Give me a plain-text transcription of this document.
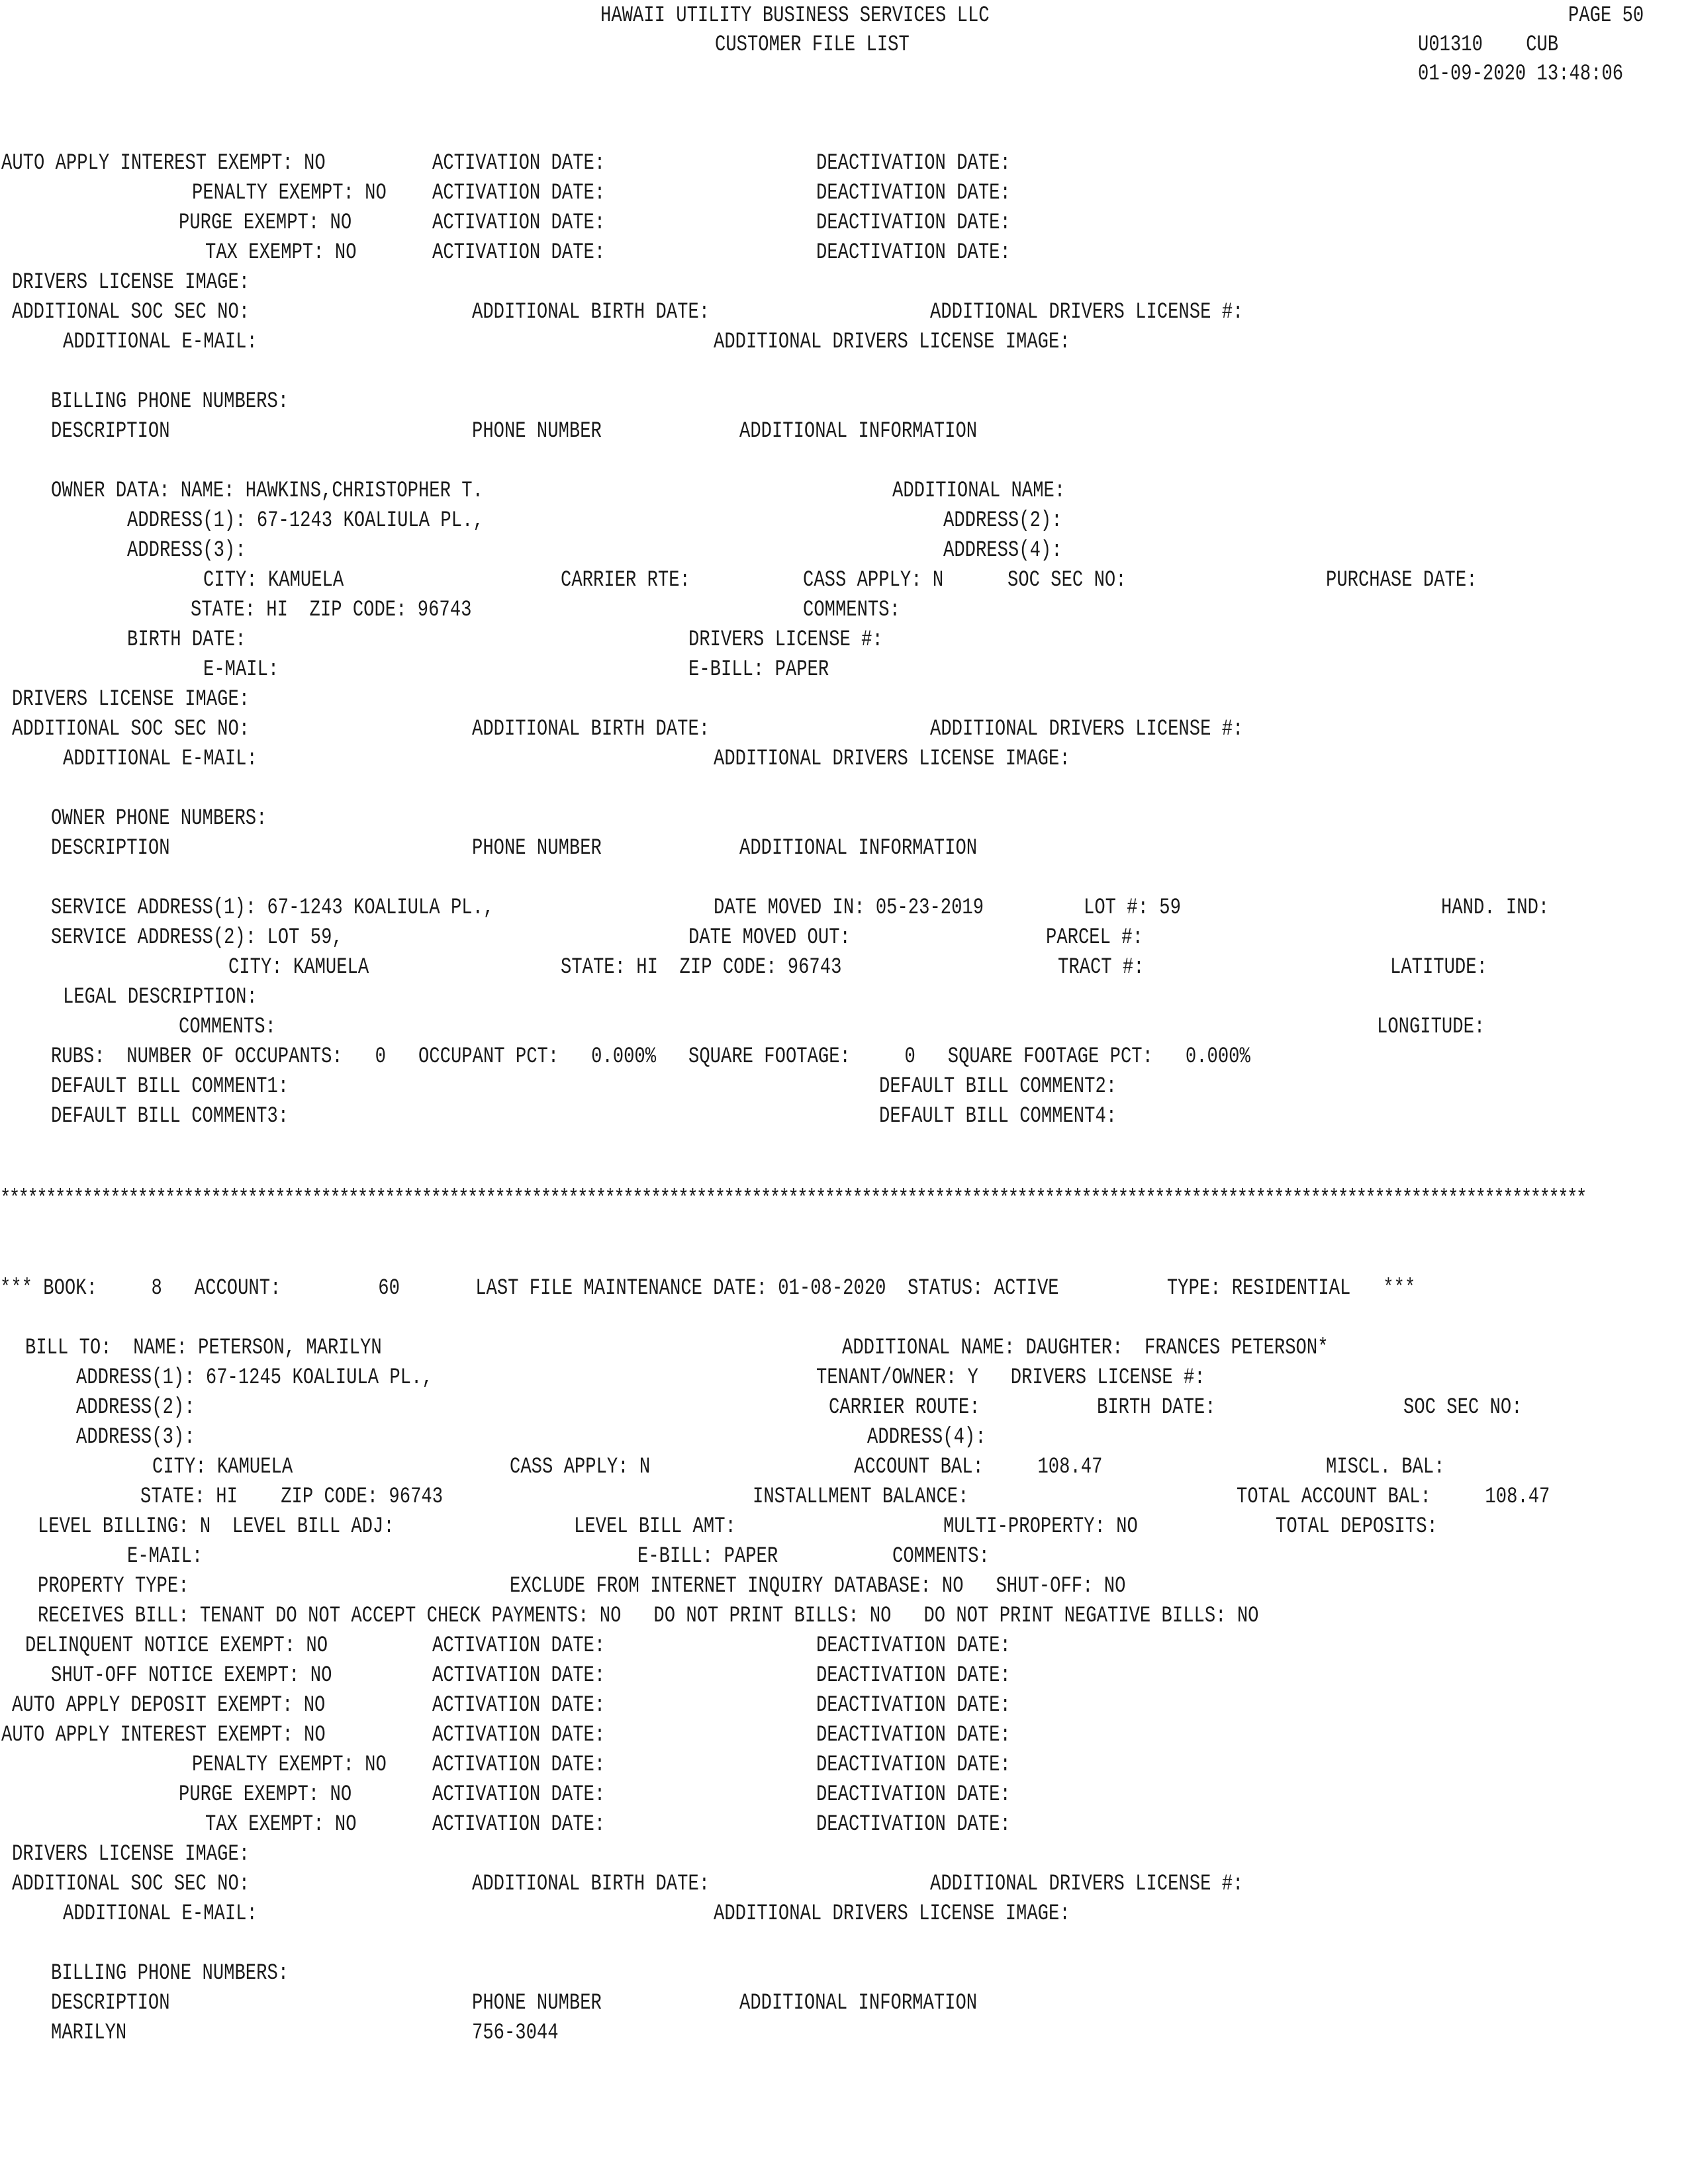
HAWAII UTILITY BUSINESS SERVICES LLC	PAGE 50
CUSTOMER FILE LIST	U01310    CUB
01-09-2020 13:48:06
AUTO APPLY INTEREST EXEMPT: NO	ACTIVATION DATE:	DEACTIVATION DATE:
PENALTY EXEMPT: NO ACTIVATION DATE:	DEACTIVATION DATE:
PURGE EXEMPT: NO	ACTIVATION DATE:	DEACTIVATION DATE:
TAX EXEMPT: NO	ACTIVATION DATE:	DEACTIVATION DATE:
DRIVERS LICENSE IMAGE:
ADDITIONAL SOC SEC NO:	ADDITIONAL BIRTH DATE:	ADDITIONAL DRIVERS LICENSE #:
ADDITIONAL E-MAIL:	ADDITIONAL DRIVERS LICENSE IMAGE:
BILLING PHONE NUMBERS:
DESCRIPTION	PHONE NUMBER	ADDITIONAL INFORMATION
OWNER DATA: NAME: HAWKINS,CHRISTOPHER T.	ADDITIONAL NAME:
ADDRESS(1): 67-1243 KOALIULA PL.,	ADDRESS(2):
ADDRESS(3):	ADDRESS(4):
CITY: KAMUELA	CARRIER RTE:	CASS APPLY: N	SOC SEC NO:	PURCHASE DATE:
STATE: HI  ZIP CODE: 96743	COMMENTS:
BIRTH DATE:	DRIVERS LICENSE #:
E-MAIL:	E-BILL: PAPER
DRIVERS LICENSE IMAGE:
ADDITIONAL SOC SEC NO:	ADDITIONAL BIRTH DATE:	ADDITIONAL DRIVERS LICENSE #:
ADDITIONAL E-MAIL:	ADDITIONAL DRIVERS LICENSE IMAGE:
OWNER PHONE NUMBERS:
DESCRIPTION	PHONE NUMBER	ADDITIONAL INFORMATION
SERVICE ADDRESS(1): 67-1243 KOALIULA PL.,	DATE MOVED IN: 05-23-2019	LOT #: 59	HAND. IND:
SERVICE ADDRESS(2): LOT 59,	DATE MOVED OUT:	PARCEL #:
CITY: KAMUELA	STATE: HI  ZIP CODE: 96743	TRACT #:	LATITUDE:
LEGAL DESCRIPTION:
COMMENTS:	LONGITUDE:
RUBS:  NUMBER OF OCCUPANTS:   0   OCCUPANT PCT:   0.000%   SQUARE FOOTAGE:     0   SQUARE FOOTAGE PCT:   0.000%
DEFAULT BILL COMMENT1:	DEFAULT BILL COMMENT2:
DEFAULT BILL COMMENT3:	DEFAULT BILL COMMENT4:
*****************************************************************************************************************************************************************************
*** BOOK:     8   ACCOUNT:         60       LAST FILE MAINTENANCE DATE: 01-08-2020  STATUS: ACTIVE          TYPE: RESIDENTIAL   ***
BILL TO:  NAME: PETERSON, MARILYN	ADDITIONAL NAME: DAUGHTER:  FRANCES PETERSON*
ADDRESS(1): 67-1245 KOALIULA PL.,	TENANT/OWNER: Y   DRIVERS LICENSE #:
ADDRESS(2):	CARRIER ROUTE:	BIRTH DATE:	SOC SEC NO:
ADDRESS(3):	ADDRESS(4):
CITY: KAMUELA	CASS APPLY: N	ACCOUNT BAL:     108.47	MISCL. BAL:
STATE: HI    ZIP CODE: 96743	INSTALLMENT BALANCE:	TOTAL ACCOUNT BAL:     108.47
LEVEL BILLING: N  LEVEL BILL ADJ:	LEVEL BILL AMT:	MULTI-PROPERTY: NO	TOTAL DEPOSITS:
E-MAIL:	E-BILL: PAPER	COMMENTS:
PROPERTY TYPE:	EXCLUDE FROM INTERNET INQUIRY DATABASE: NO   SHUT-OFF: NO
RECEIVES BILL: TENANT DO NOT ACCEPT CHECK PAYMENTS: NO   DO NOT PRINT BILLS: NO   DO NOT PRINT NEGATIVE BILLS: NO
DELINQUENT NOTICE EXEMPT: NO	ACTIVATION DATE:	DEACTIVATION DATE:
SHUT-OFF NOTICE EXEMPT: NO	ACTIVATION DATE:	DEACTIVATION DATE:
AUTO APPLY DEPOSIT EXEMPT: NO	ACTIVATION DATE:	DEACTIVATION DATE:
AUTO APPLY INTEREST EXEMPT: NO	ACTIVATION DATE:	DEACTIVATION DATE:
PENALTY EXEMPT: NO ACTIVATION DATE:	DEACTIVATION DATE:
PURGE EXEMPT: NO	ACTIVATION DATE:	DEACTIVATION DATE:
TAX EXEMPT: NO	ACTIVATION DATE:	DEACTIVATION DATE:
DRIVERS LICENSE IMAGE:
ADDITIONAL SOC SEC NO:	ADDITIONAL BIRTH DATE:	ADDITIONAL DRIVERS LICENSE #:
ADDITIONAL E-MAIL:	ADDITIONAL DRIVERS LICENSE IMAGE:
BILLING PHONE NUMBERS:
DESCRIPTION	PHONE NUMBER	ADDITIONAL INFORMATION
MARILYN	756-3044
